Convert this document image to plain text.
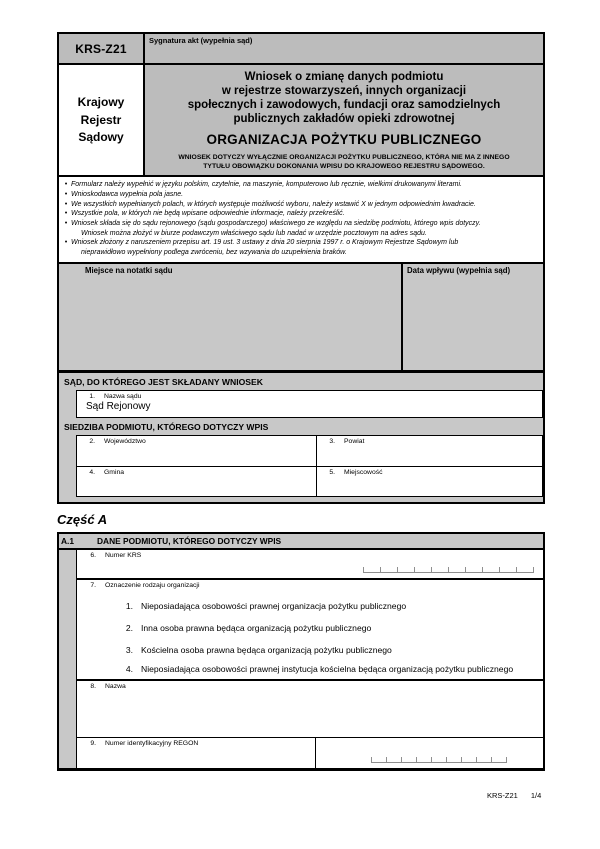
KRS-Z21
Sygnatura akt (wypełnia sąd)
Krajowy
Rejestr
Sądowy
Wniosek o zmianę danych podmiotu
w rejestrze stowarzyszeń, innych organizacji
społecznych i zawodowych, fundacji oraz samodzielnych
publicznych zakładów opieki zdrowotnej
ORGANIZACJA POŻYTKU PUBLICZNEGO
WNIOSEK DOTYCZY WYŁĄCZNIE ORGANIZACJI POŻYTKU PUBLICZNEGO, KTÓRA NIE MA Z INNEGO TYTUŁU OBOWIĄZKU DOKONANIA WPISU DO KRAJOWEGO REJESTRU SĄDOWEGO.
• Formularz należy wypełnić w języku polskim, czytelnie, na maszynie, komputerowo lub ręcznie, wielkimi drukowanymi literami.
• Wnioskodawca wypełnia pola jasne.
• We wszystkich wypełnianych polach, w których występuje możliwość wyboru, należy wstawić X w jednym odpowiednim kwadracie.
• Wszystkie pola, w których nie będą wpisane odpowiednie informacje, należy przekreślić.
• Wniosek składa się do sądu rejonowego (sądu gospodarczego) właściwego ze względu na siedzibę podmiotu, którego wpis dotyczy.
Wniosek można złożyć w biurze podawczym właściwego sądu lub nadać w urzędzie pocztowym na adres sądu.
• Wniosek złożony z naruszeniem przepisu art. 19 ust. 3 ustawy z dnia 20 sierpnia 1997 r. o Krajowym Rejestrze Sądowym lub
nieprawidłowo wypełniony podlega zwróceniu, bez wzywania do uzupełnienia braków.
Miejsce na notatki sądu	Data wpływu (wypełnia sąd)
SĄD, DO KTÓREGO JEST SKŁADANY WNIOSEK
1. Nazwa sądu
Sąd Rejonowy
SIEDZIBA PODMIOTU, KTÓREGO DOTYCZY WPIS
2. Województwo	3. Powiat
4. Gmina	5. Miejscowość
Część A
A.1	DANE PODMIOTU, KTÓREGO DOTYCZY WPIS
6. Numer KRS
7. Oznaczenie rodzaju organizacji
1. Nieposiadająca osobowości prawnej organizacja pożytku publicznego
2. Inna osoba prawna będąca organizacją pożytku publicznego
3. Kościelna osoba prawna będąca organizacją pożytku publicznego
4. Nieposiadająca osobowości prawnej instytucja kościelna będąca organizacją pożytku publicznego
8. Nazwa
9. Numer identyfikacyjny REGON
KRS-Z21 1/4
